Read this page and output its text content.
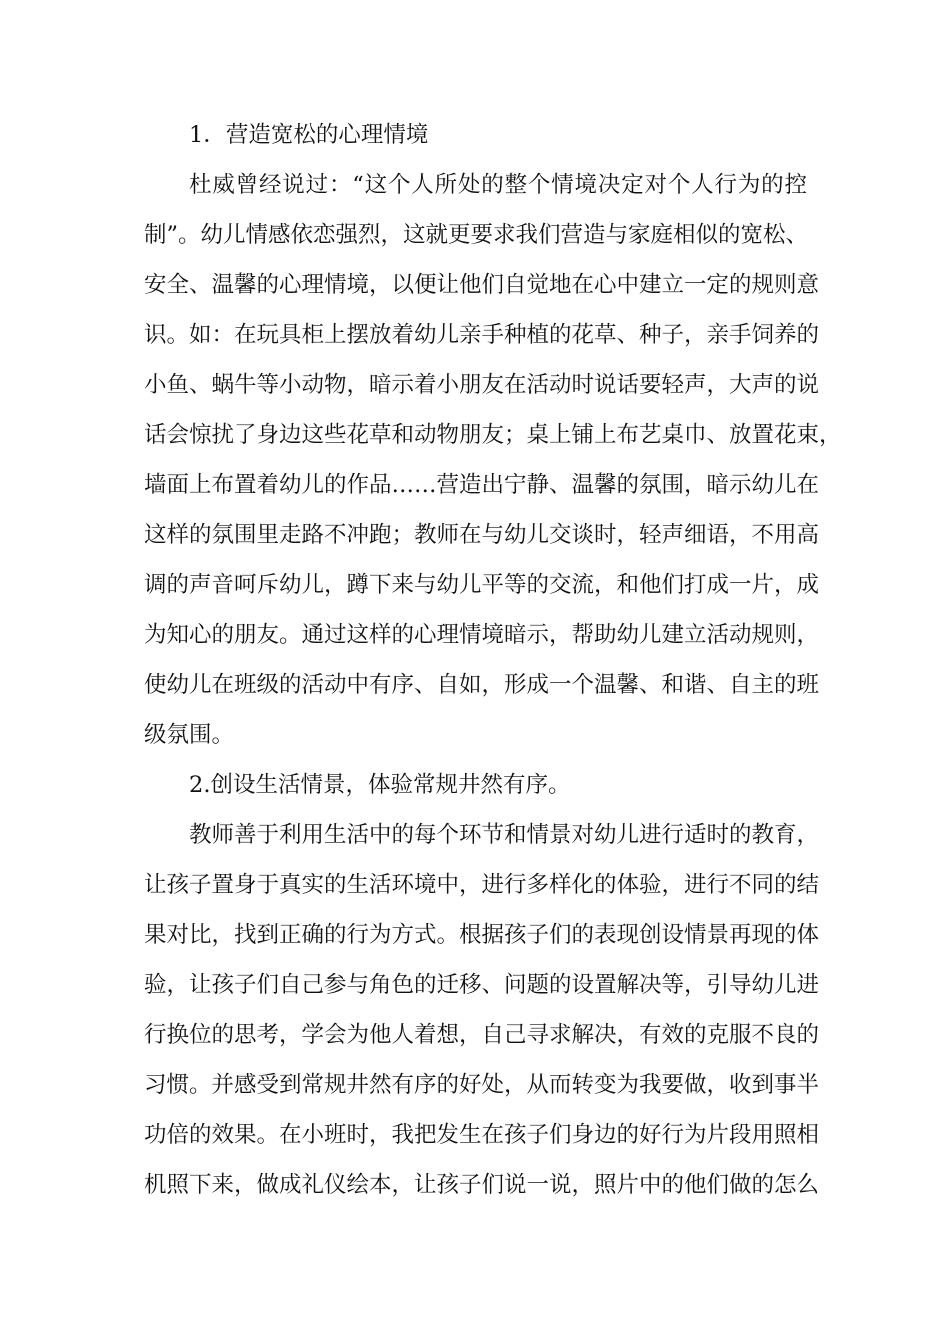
1．营造宽松的心理情境
杜威曾经说过：“这个人所处的整个情境决定对个人行为的控
制”。幼儿情感依恋强烈，这就更要求我们营造与家庭相似的宽松、
安全、温馨的心理情境，以便让他们自觉地在心中建立一定的规则意
识。如：在玩具柜上摆放着幼儿亲手种植的花草、种子，亲手饲养的
小鱼、蜗牛等小动物，暗示着小朋友在活动时说话要轻声，大声的说
话会惊扰了身边这些花草和动物朋友；桌上铺上布艺桌巾、放置花束，
墙面上布置着幼儿的作品……营造出宁静、温馨的氛围，暗示幼儿在
这样的氛围里走路不冲跑；教师在与幼儿交谈时，轻声细语，不用高
调的声音呵斥幼儿，蹲下来与幼儿平等的交流，和他们打成一片，成
为知心的朋友。通过这样的心理情境暗示，帮助幼儿建立活动规则，
使幼儿在班级的活动中有序、自如，形成一个温馨、和谐、自主的班
级氛围。
2.创设生活情景，体验常规井然有序。
教师善于利用生活中的每个环节和情景对幼儿进行适时的教育，
让孩子置身于真实的生活环境中，进行多样化的体验，进行不同的结
果对比，找到正确的行为方式。根据孩子们的表现创设情景再现的体
验，让孩子们自己参与角色的迁移、问题的设置解决等，引导幼儿进
行换位的思考，学会为他人着想，自己寻求解决，有效的克服不良的
习惯。并感受到常规井然有序的好处，从而转变为我要做，收到事半
功倍的效果。在小班时，我把发生在孩子们身边的好行为片段用照相
机照下来，做成礼仪绘本，让孩子们说一说，照片中的他们做的怎么
